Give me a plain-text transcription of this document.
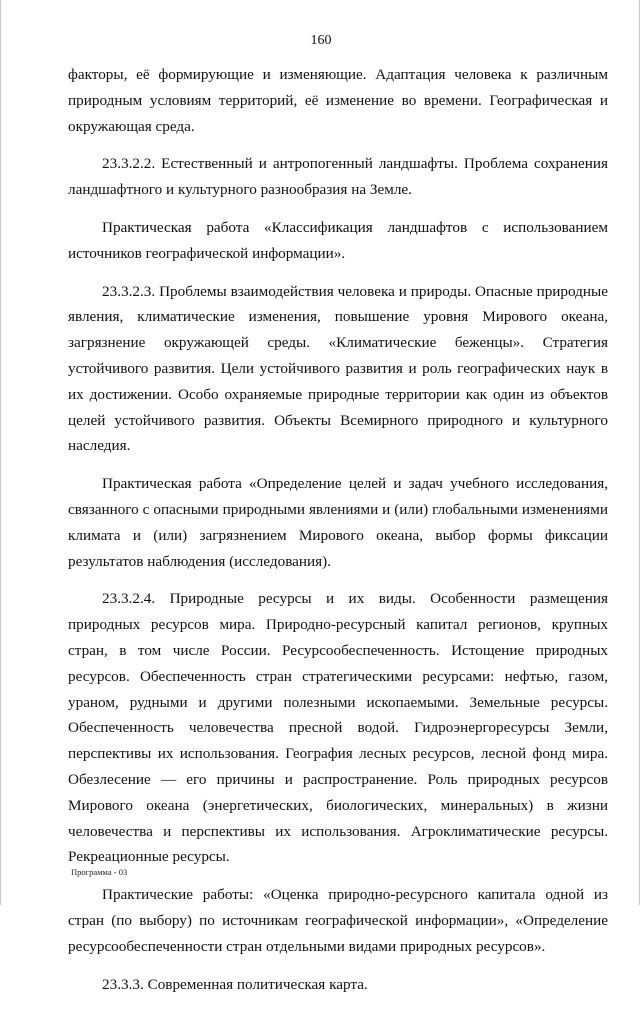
160

факторы, её формирующие и изменяющие. Адаптация человека к различным природным условиям территорий, её изменение во времени. Географическая и окружающая среда.

23.3.2.2. Естественный и антропогенный ландшафты. Проблема сохранения ландшафтного и культурного разнообразия на Земле.

Практическая работа «Классификация ландшафтов с использованием источников географической информации».

23.3.2.3. Проблемы взаимодействия человека и природы. Опасные природные явления, климатические изменения, повышение уровня Мирового океана, загрязнение окружающей среды. «Климатические беженцы». Стратегия устойчивого развития. Цели устойчивого развития и роль географических наук в их достижении. Особо охраняемые природные территории как один из объектов целей устойчивого развития. Объекты Всемирного природного и культурного наследия.

Практическая работа «Определение целей и задач учебного исследования, связанного с опасными природными явлениями и (или) глобальными изменениями климата и (или) загрязнением Мирового океана, выбор формы фиксации результатов наблюдения (исследования).

23.3.2.4. Природные ресурсы и их виды. Особенности размещения природных ресурсов мира. Природно-ресурсный капитал регионов, крупных стран, в том числе России. Ресурсообеспеченность. Истощение природных ресурсов. Обеспеченность стран стратегическими ресурсами: нефтью, газом, ураном, рудными и другими полезными ископаемыми. Земельные ресурсы. Обеспеченность человечества пресной водой. Гидроэнергоресурсы Земли, перспективы их использования. География лесных ресурсов, лесной фонд мира. Обезлесение — его причины и распространение. Роль природных ресурсов Мирового океана (энергетических, биологических, минеральных) в жизни человечества и перспективы их использования. Агроклиматические ресурсы. Рекреационные ресурсы.

Практические работы: «Оценка природно-ресурсного капитала одной из стран (по выбору) по источникам географической информации», «Определение ресурсообеспеченности стран отдельными видами природных ресурсов».

23.3.3. Современная политическая карта.

Программа - 03
